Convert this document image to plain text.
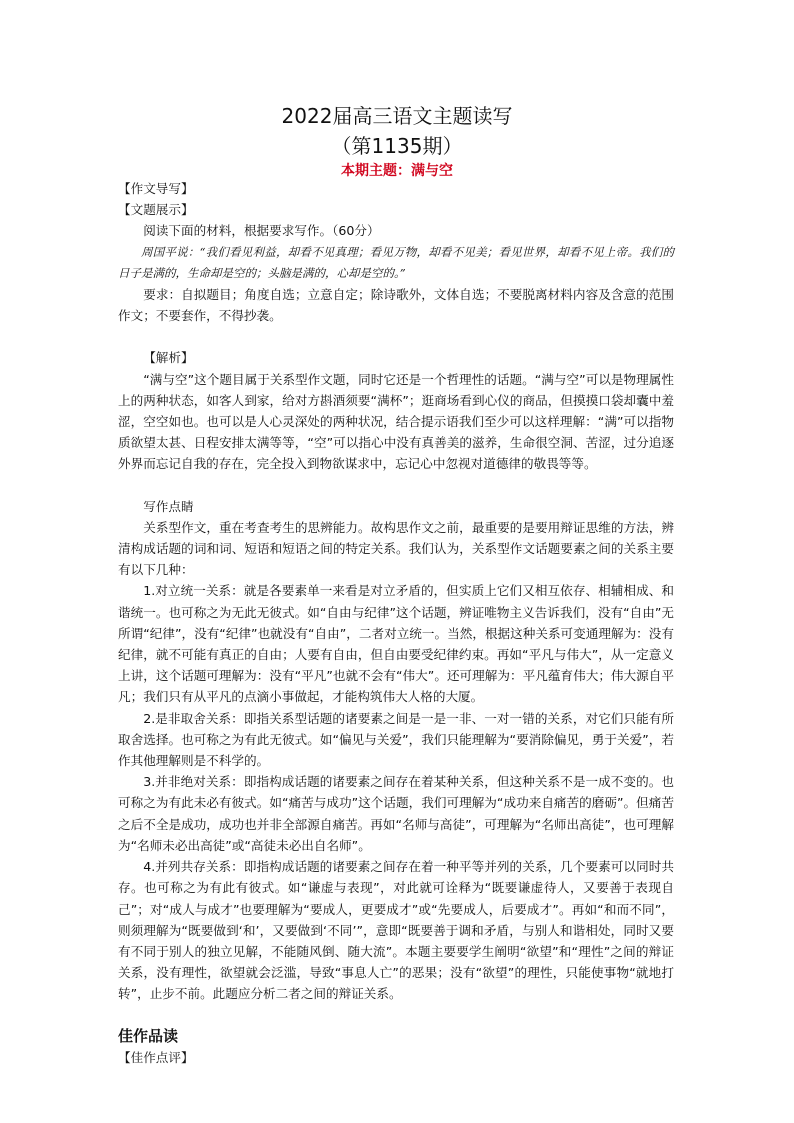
2022届高三语文主题读写
（第1135期）
本期主题：满与空

【作文导写】

【文题展示】

阅读下面的材料，根据要求写作。（60分）

周国平说：“我们看见利益，却看不见真理；看见万物，却看不见美；看见世界，却看不见上帝。我们的日子是满的，生命却是空的；头脑是满的，心却是空的。”

要求：自拟题目；角度自选；立意自定；除诗歌外，文体自选；不要脱离材料内容及含意的范围作文；不要套作，不得抄袭。

【解析】

“满与空”这个题目属于关系型作文题，同时它还是一个哲理性的话题。“满与空”可以是物理属性上的两种状态，如客人到家，给对方斟酒须要“满杯”；逛商场看到心仪的商品，但摸摸口袋却囊中羞涩，空空如也。也可以是人心灵深处的两种状况，结合提示语我们至少可以这样理解：“满”可以指物质欲望太甚、日程安排太满等等，“空”可以指心中没有真善美的滋养，生命很空洞、苦涩，过分追逐外界而忘记自我的存在，完全投入到物欲谋求中，忘记心中忽视对道德律的敬畏等等。

写作点睛

关系型作文，重在考查考生的思辨能力。故构思作文之前，最重要的是要用辩证思维的方法，辨清构成话题的词和词、短语和短语之间的特定关系。我们认为，关系型作文话题要素之间的关系主要有以下几种：

1.对立统一关系：就是各要素单一来看是对立矛盾的，但实质上它们又相互依存、相辅相成、和谐统一。也可称之为无此无彼式。如“自由与纪律”这个话题，辨证唯物主义告诉我们，没有“自由”无所谓“纪律”，没有“纪律”也就没有“自由”，二者对立统一。当然，根据这种关系可变通理解为：没有纪律，就不可能有真正的自由；人要有自由，但自由要受纪律约束。再如“平凡与伟大”，从一定意义上讲，这个话题可理解为：没有“平凡”也就不会有“伟大”。还可理解为：平凡蕴育伟大；伟大源自平凡；我们只有从平凡的点滴小事做起，才能构筑伟大人格的大厦。

2.是非取舍关系：即指关系型话题的诸要素之间是一是一非、一对一错的关系，对它们只能有所取舍选择。也可称之为有此无彼式。如“偏见与关爱”，我们只能理解为“要消除偏见，勇于关爱”，若作其他理解则是不科学的。

3.并非绝对关系：即指构成话题的诸要素之间存在着某种关系，但这种关系不是一成不变的。也可称之为有此未必有彼式。如“痛苦与成功”这个话题，我们可理解为“成功来自痛苦的磨砺”。但痛苦之后不全是成功，成功也并非全部源自痛苦。再如“名师与高徒”，可理解为“名师出高徒”，也可理解为“名师未必出高徒”或“高徒未必出自名师”。

4.并列共存关系：即指构成话题的诸要素之间存在着一种平等并列的关系，几个要素可以同时共存。也可称之为有此有彼式。如“谦虚与表现”，对此就可诠释为“既要谦虚待人，又要善于表现自己”；对“成人与成才”也要理解为“要成人，更要成才”或“先要成人，后要成才”。再如“和而不同”，则须理解为“既要做到‘和’，又要做到‘不同’”，意即“既要善于调和矛盾，与别人和谐相处，同时又要有不同于别人的独立见解，不能随风倒、随大流”。本题主要要学生阐明“欲望”和“理性”之间的辩证关系，没有理性，欲望就会泛滥，导致“事息人亡”的恶果；没有“欲望”的理性，只能使事物“就地打转”，止步不前。此题应分析二者之间的辩证关系。

佳作品读

【佳作点评】
